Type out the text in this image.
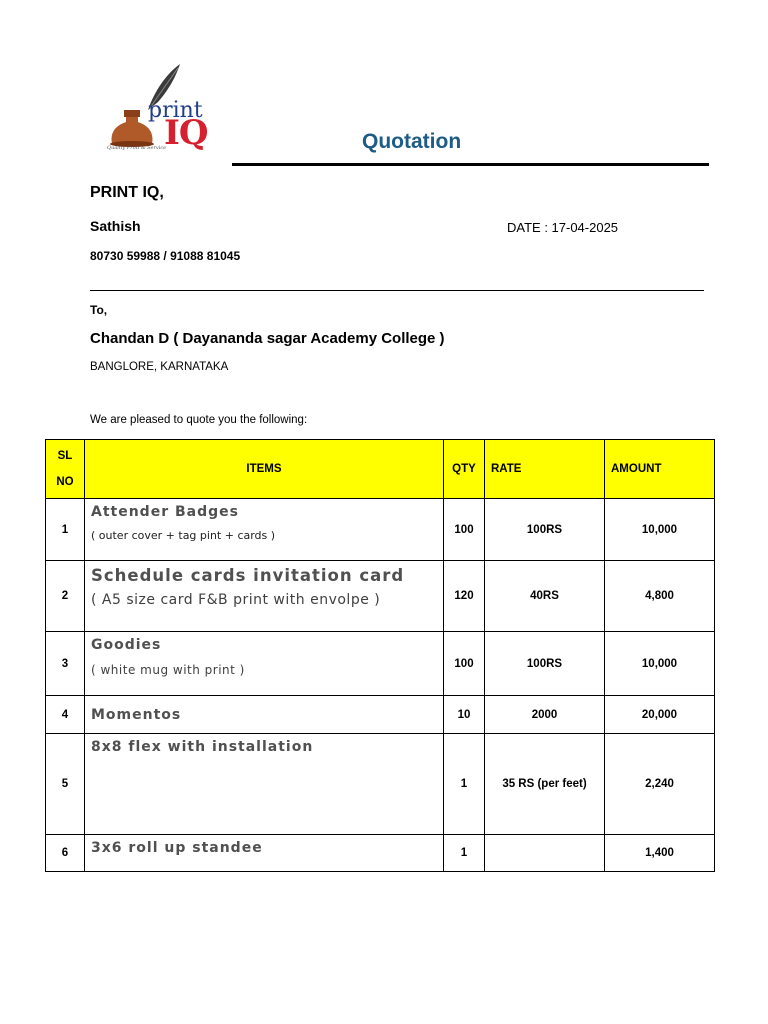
print
IQ
Quality Print & Service	Quotation
PRINT IQ,
Sathish	DATE : 17-04-2025
80730 59988 / 91088 81045
To,
Chandan D ( Dayananda sagar Academy College )
BANGLORE, KARNATAKA
We are pleased to quote you the following:
SL
NO	ITEMS	QTY	RATE	AMOUNT
1	Attender Badges
( outer cover + tag pint + cards )	100	100RS	10,000
2	Schedule cards invitation card
( A5 size card F&B print with envolpe )	120	40RS	4,800
3	Goodies
( white mug with print )	100	100RS	10,000
4	Momentos	10	2000	20,000
5	8x8 flex with installation	1	35 RS (per feet)	2,240
6	3x6 roll up standee	1		1,400
